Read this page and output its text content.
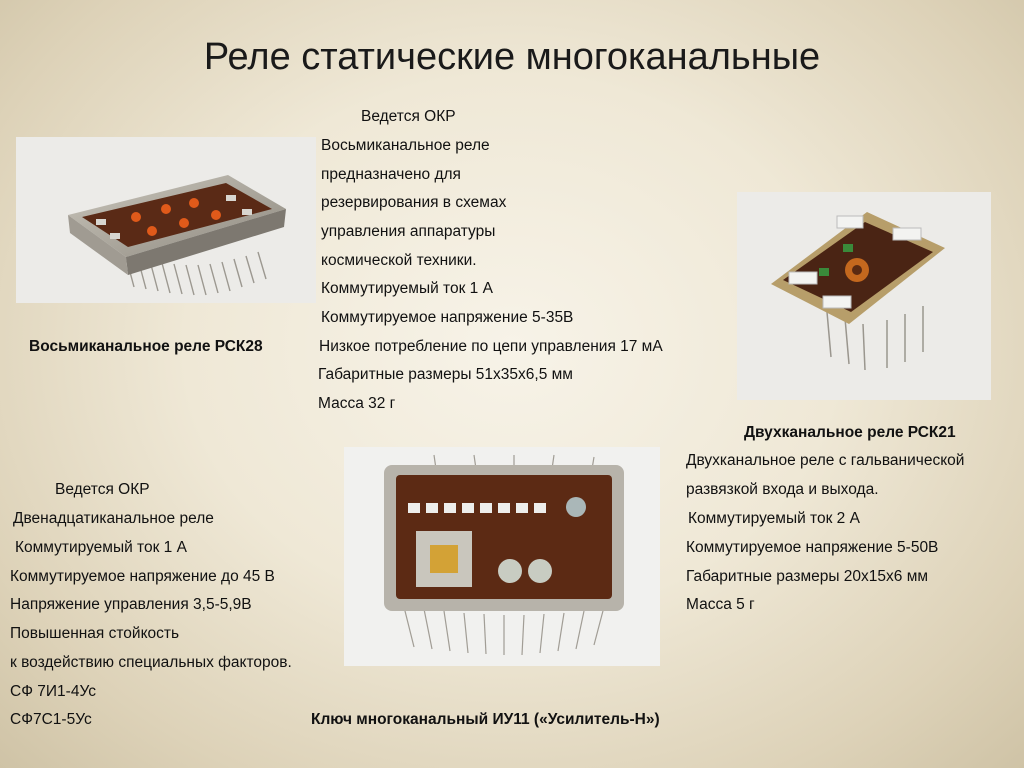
Реле статические многоканальные
Ведется ОКР
Восьмиканальное реле
предназначено для
резервирования в схемах
управления аппаратуры
космической техники.
Коммутируемый ток 1 А
Коммутируемое напряжение 5-35В
Восьмиканальное реле РСК28	Низкое потребление по цепи управления 17 мА
Габаритные размеры 51х35х6,5 мм
Масса 32 г
Двухканальное реле РСК21
Двухканальное реле с гальванической
развязкой входа и выхода.
Коммутируемый ток 2 А
Коммутируемое напряжение 5-50В
Габаритные размеры 20х15х6 мм
Масса 5 г
Ведется ОКР
Двенадцатиканальное реле
Коммутируемый ток 1 А
Коммутируемое напряжение до 45 В
Напряжение управления 3,5-5,9В
Повышенная стойкость
к воздействию специальных факторов.
СФ 7И1-4Ус
СФ7С1-5Ус	Ключ многоканальный ИУ11 («Усилитель-Н»)
